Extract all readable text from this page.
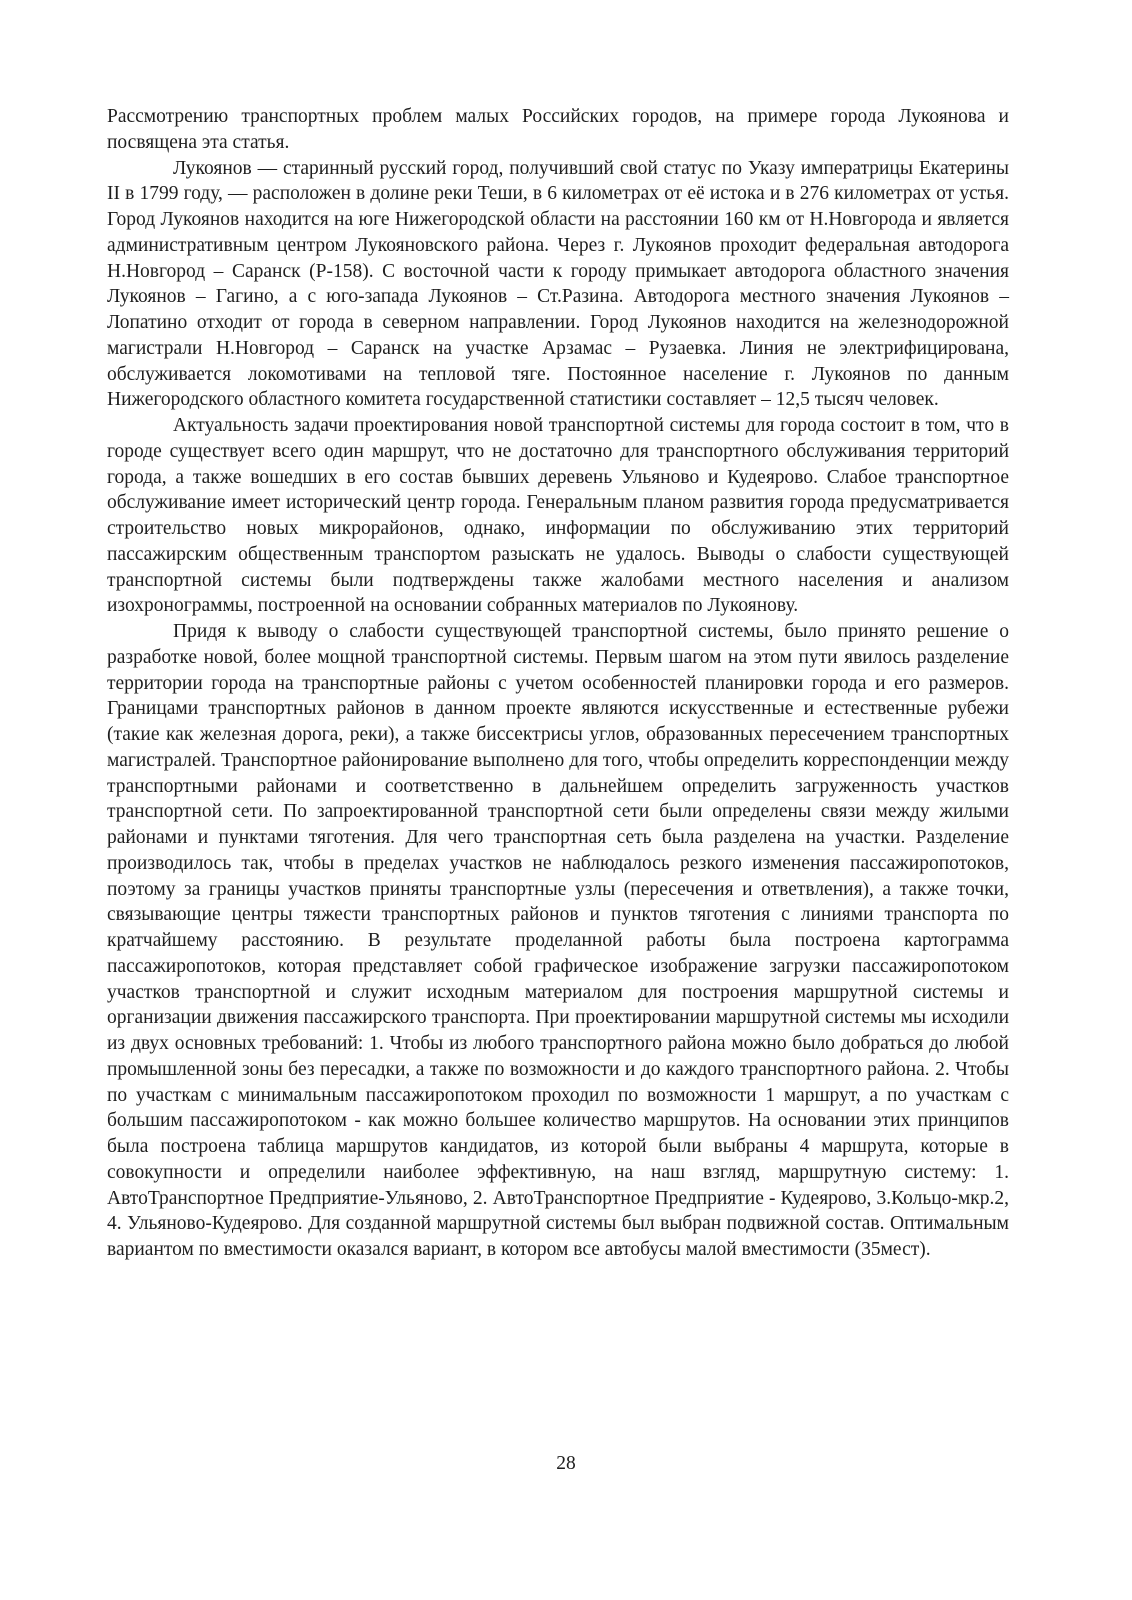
Рассмотрению транспортных проблем малых Российских городов, на примере города Лукоянова и посвящена эта статья.

Лукоянов — старинный русский город, получивший свой статус по Указу императрицы Екатерины II в 1799 году, — расположен в долине реки Теши, в 6 километрах от её истока и в 276 километрах от устья. Город Лукоянов находится на юге Нижегородской области на расстоянии 160 км от Н.Новгорода и является административным центром Лукояновского района. Через г. Лукоянов проходит федеральная автодорога Н.Новгород – Саранск (Р-158). С восточной части к городу примыкает автодорога областного значения Лукоянов – Гагино, а с юго-запада Лукоянов – Ст.Разина. Автодорога местного значения Лукоянов – Лопатино отходит от города в северном направлении. Город Лукоянов находится на железнодорожной магистрали Н.Новгород – Саранск на участке Арзамас – Рузаевка. Линия не электрифицирована, обслуживается локомотивами на тепловой тяге. Постоянное население г. Лукоянов по данным Нижегородского областного комитета государственной статистики составляет – 12,5 тысяч человек.

Актуальность задачи проектирования новой транспортной системы для города состоит в том, что в городе существует всего один маршрут, что не достаточно для транспортного обслуживания территорий города, а также вошедших в его состав бывших деревень Ульяново и Кудеярово. Слабое транспортное обслуживание имеет исторический центр города. Генеральным планом развития города предусматривается строительство новых микрорайонов, однако, информации по обслуживанию этих территорий пассажирским общественным транспортом разыскать не удалось. Выводы о слабости существующей транспортной системы были подтверждены также жалобами местного населения и анализом изохронограммы, построенной на основании собранных материалов по Лукоянову.

Придя к выводу о слабости существующей транспортной системы, было принято решение о разработке новой, более мощной транспортной системы. Первым шагом на этом пути явилось разделение территории города на транспортные районы с учетом особенностей планировки города и его размеров. Границами транспортных районов в данном проекте являются искусственные и естественные рубежи (такие как железная дорога, реки), а также биссектрисы углов, образованных пересечением транспортных магистралей. Транспортное районирование выполнено для того, чтобы определить корреспонденции между транспортными районами и соответственно в дальнейшем определить загруженность участков транспортной сети. По запроектированной транспортной сети были определены связи между жилыми районами и пунктами тяготения. Для чего транспортная сеть была разделена на участки. Разделение производилось так, чтобы в пределах участков не наблюдалось резкого изменения пассажиропотоков, поэтому за границы участков приняты транспортные узлы (пересечения и ответвления), а также точки, связывающие центры тяжести транспортных районов и пунктов тяготения с линиями транспорта по кратчайшему расстоянию. В результате проделанной работы была построена картограмма пассажиропотоков, которая представляет собой графическое изображение загрузки пассажиропотоком участков транспортной и служит исходным материалом для построения маршрутной системы и организации движения пассажирского транспорта. При проектировании маршрутной системы мы исходили из двух основных требований: 1. Чтобы из любого транспортного района можно было добраться до любой промышленной зоны без пересадки, а также по возможности и до каждого транспортного района. 2. Чтобы по участкам с минимальным пассажиропотоком проходил по возможности 1 маршрут, а по участкам с большим пассажиропотоком - как можно большее количество маршрутов. На основании этих принципов была построена таблица маршрутов кандидатов, из которой были выбраны 4 маршрута, которые в совокупности и определили наиболее эффективную, на наш взгляд, маршрутную систему: 1. АвтоТранспортное Предприятие-Ульяново, 2. АвтоТранспортное Предприятие - Кудеярово, 3.Кольцо-мкр.2, 4. Ульяново-Кудеярово. Для созданной маршрутной системы был выбран подвижной состав. Оптимальным вариантом по вместимости оказался вариант, в котором все автобусы малой вместимости (35мест).

28
